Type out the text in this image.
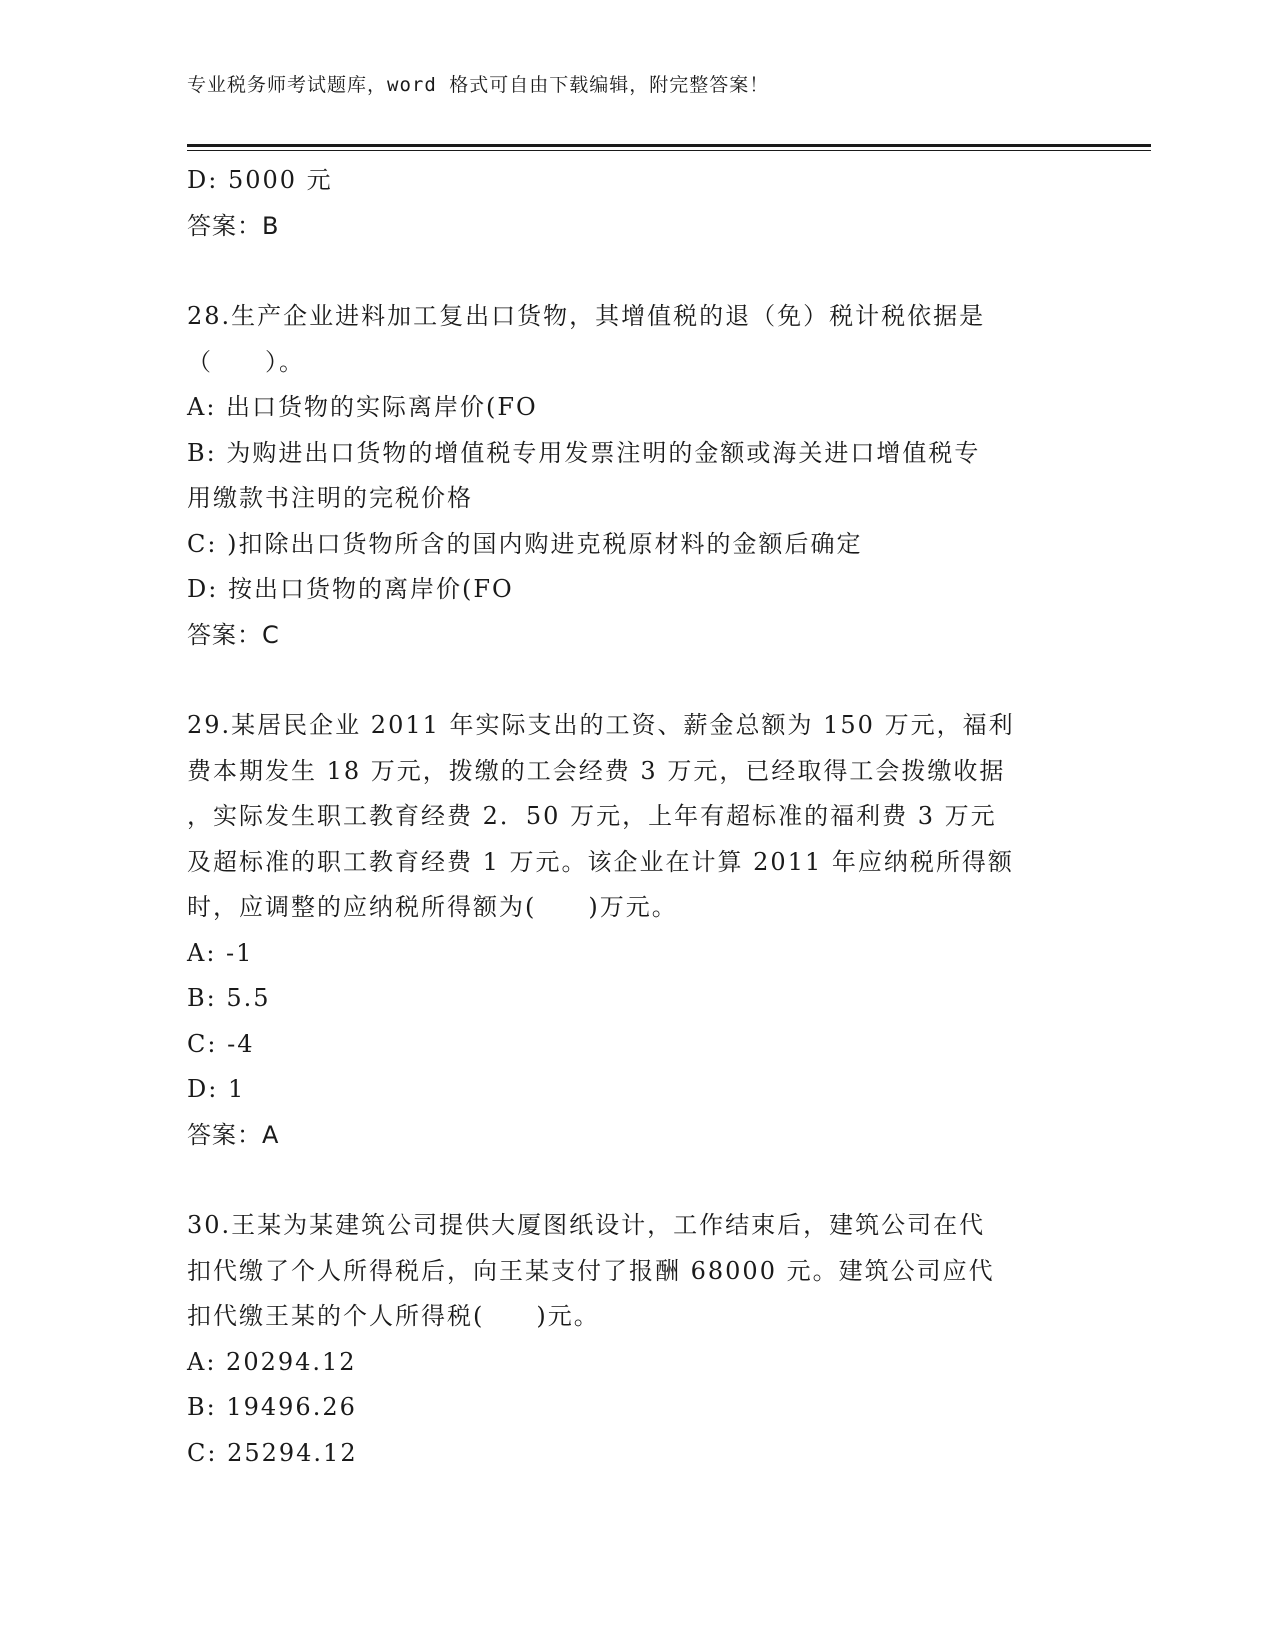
专业税务师考试题库，word 格式可自由下载编辑，附完整答案！

D: 5000 元

答案：B

28.生产企业进料加工复出口货物，其增值税的退（免）税计税依据是

（　　）。

A: 出口货物的实际离岸价(FO

B: 为购进出口货物的增值税专用发票注明的金额或海关进口增值税专

用缴款书注明的完税价格

C: )扣除出口货物所含的国内购进克税原材料的金额后确定

D: 按出口货物的离岸价(FO

答案：C

29.某居民企业 2011 年实际支出的工资、薪金总额为 150 万元，福利

费本期发生 18 万元，拨缴的工会经费 3 万元，已经取得工会拨缴收据

，实际发生职工教育经费 2．50 万元，上年有超标准的福利费 3 万元

及超标准的职工教育经费 1 万元。该企业在计算 2011 年应纳税所得额

时，应调整的应纳税所得额为(　　)万元。

A: -1

B: 5.5

C: -4

D: 1

答案：A

30.王某为某建筑公司提供大厦图纸设计，工作结束后，建筑公司在代

扣代缴了个人所得税后，向王某支付了报酬 68000 元。建筑公司应代

扣代缴王某的个人所得税(　　)元。

A: 20294.12

B: 19496.26

C: 25294.12
